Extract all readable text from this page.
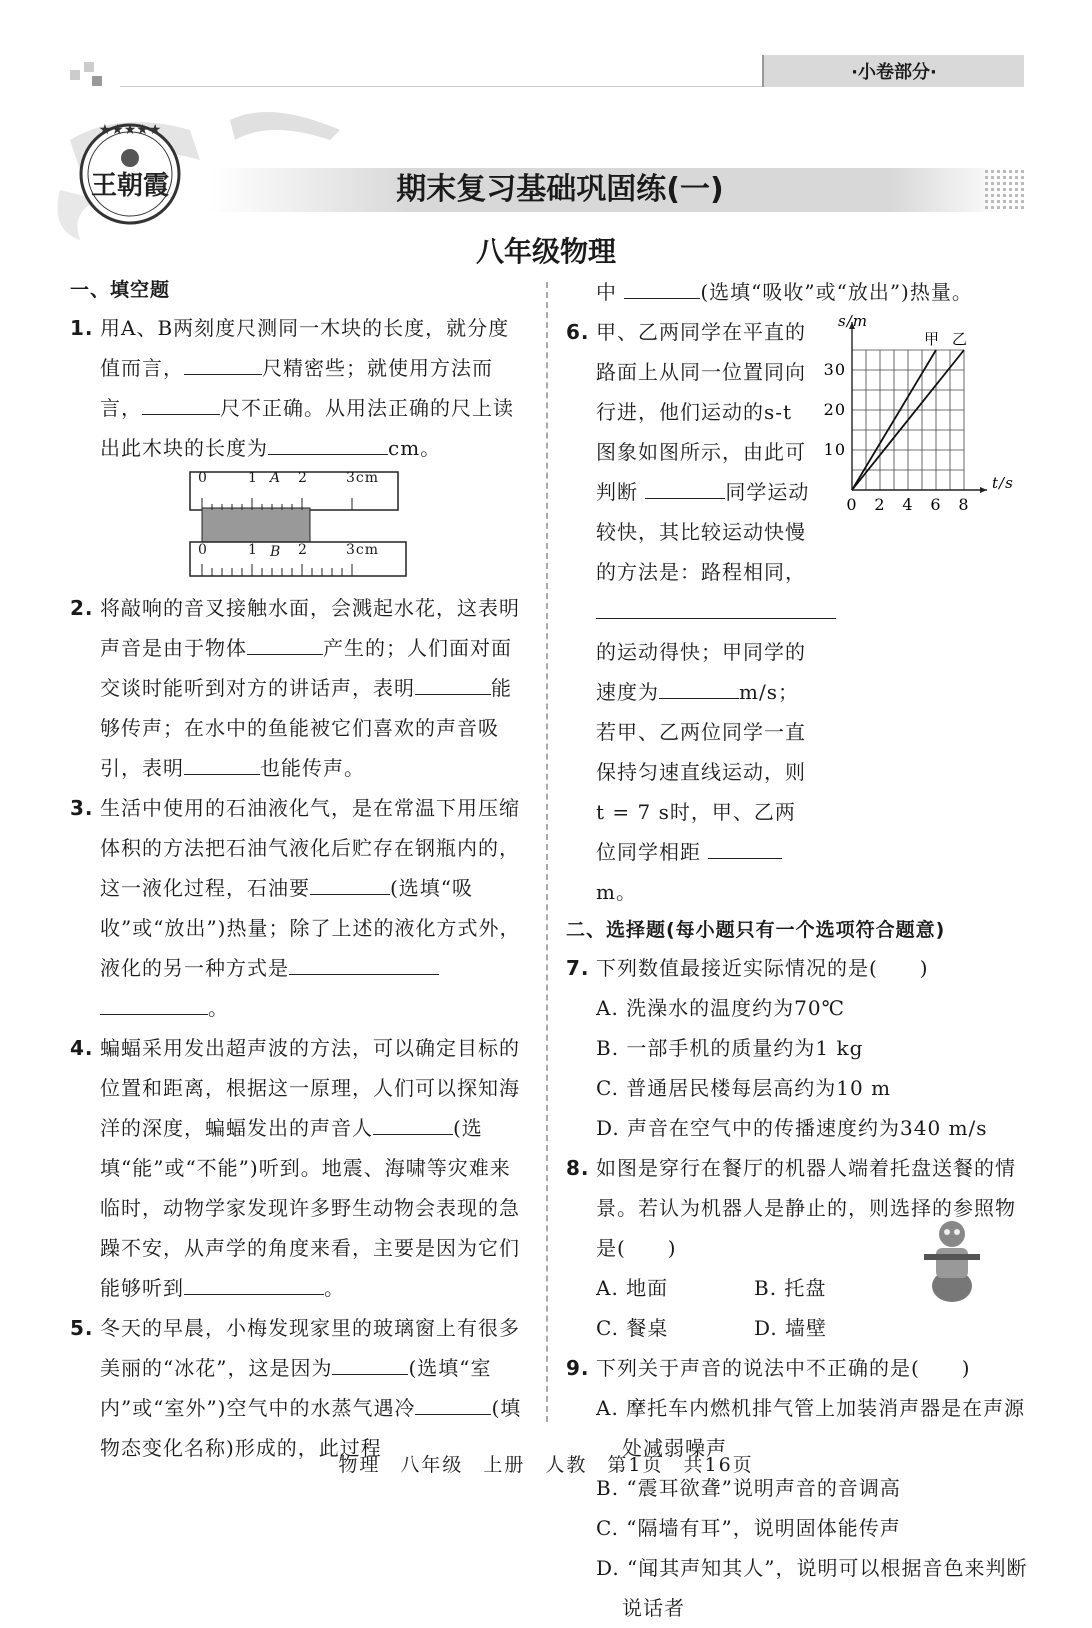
·小卷部分·
★★★★★
王朝霞	期末复习基础巩固练(一)
八年级物理

一、填空题

1. 用A、B两刻度尺测同一木块的长度，就分度值而言，	尺精密些；就使用方法而言，	尺不正确。从用法正确的尺上读出此木块的长度为	cm。

0	1 A 2	3cm
0	1 B 2	3cm

2. 将敲响的音叉接触水面，会溅起水花，这表明声音是由于物体	产生的；人们面对面交谈时能听到对方的讲话声，表明	能够传声；在水中的鱼能被它们喜欢的声音吸引，表明	也能传声。

3. 生活中使用的石油液化气，是在常温下用压缩体积的方法把石油气液化后贮存在钢瓶内的，这一液化过程，石油要	(选填“吸收”或“放出”)热量；除了上述的液化方式外，液化的另一种方式是。

4. 蝙蝠采用发出超声波的方法，可以确定目标的位置和距离，根据这一原理，人们可以探知海洋的深度，蝙蝠发出的声音人	(选填“能”或“不能”)听到。地震、海啸等灾难来临时，动物学家发现许多野生动物会表现的急躁不安，从声学的角度来看，主要是因为它们能够听到	。

5. 冬天的早晨，小梅发现家里的玻璃窗上有很多美丽的“冰花”，这是因为	(选填“室内”或“室外”)空气中的水蒸气遇冷	(填物态变化名称)形成的，此过程

中	(选填“吸收”或“放出”)热量。

0 2 4 6 8
10
20
30
t/s
s/m
甲 乙

6. 甲、乙两同学在平直的路面上从同一位置同向行进，他们运动的s-t图象如图所示，由此可判断	同学运动较快，其比较运动快慢的方法是：路程相同，的运动得快；甲同学的速度为	m/s；若甲、乙两位同学一直保持匀速直线运动，则t = 7 s时，甲、乙两位同学相距 m。

二、选择题(每小题只有一个选项符合题意)

7. 下列数值最接近实际情况的是(　　)

A. 洗澡水的温度约为70℃

B. 一部手机的质量约为1 kg

C. 普通居民楼每层高约为10 m

D. 声音在空气中的传播速度约为340 m/s

8. 如图是穿行在餐厅的机器人端着托盘送餐的情景。若认为机器人是静止的，则选择的参照物是(　　)

A. 地面	B. 托盘
C. 餐桌	D. 墙壁

9. 下列关于声音的说法中不正确的是(　　)

A. 摩托车内燃机排气管上加装消声器是在声源处减弱噪声

B. “震耳欲聋”说明声音的音调高

C. “隔墙有耳”，说明固体能传声

D. “闻其声知其人”，说明可以根据音色来判断说话者

物理 八年级 上册 人教 第1页 共16页
